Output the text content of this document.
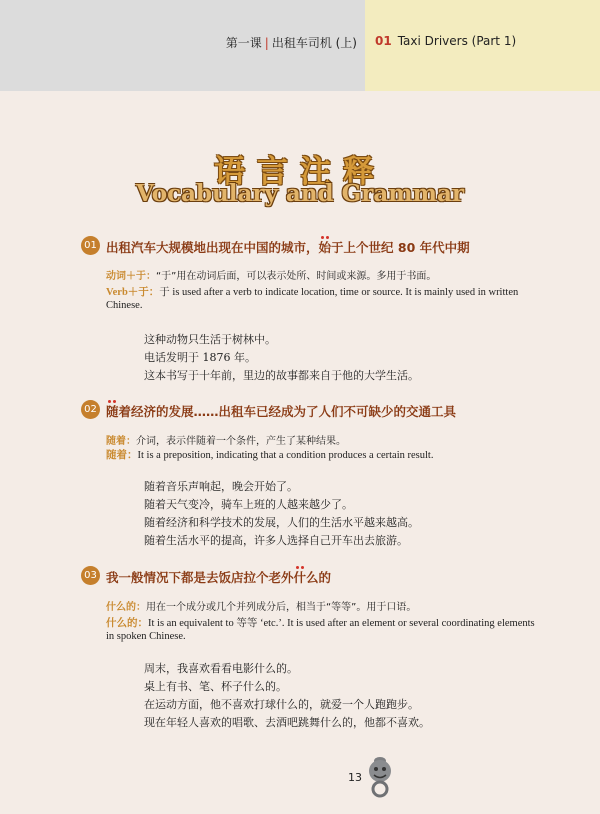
第一课 | 出租车司机 (上) 01 Taxi Drivers (Part 1)
语言注释
Vocabulary and Grammar
01 出租汽车大规模地出现在中国的城市，始于上个世纪 80 年代中期
动词＋于：“于”用在动词后面，可以表示处所、时间或来源。多用于书面。
Verb＋于：于 is used after a verb to indicate location, time or source. It is mainly used in written
Chinese.
这种动物只生活于树林中。
电话发明于 1876 年。
这本书写于十年前，里边的故事都来自于他的大学生活。
02 随着经济的发展……出租车已经成为了人们不可缺少的交通工具
随着：介词，表示伴随着一个条件，产生了某种结果。
随着：It is a preposition, indicating that a condition produces a certain result.
随着音乐声响起，晚会开始了。
随着天气变冷，骑车上班的人越来越少了。
随着经济和科学技术的发展，人们的生活水平越来越高。
随着生活水平的提高，许多人选择自己开车出去旅游。
03 我一般情况下都是去饭店拉个老外什么的
什么的：用在一个成分或几个并列成分后，相当于“等等”。用于口语。
什么的：It is an equivalent to 等等 ‘etc.’. It is used after an element or several coordinating elements
in spoken Chinese.
周末，我喜欢看看电影什么的。
桌上有书、笔、杯子什么的。
在运动方面，他不喜欢打球什么的，就爱一个人跑跑步。
现在年轻人喜欢的唱歌、去酒吧跳舞什么的，他都不喜欢。
13
